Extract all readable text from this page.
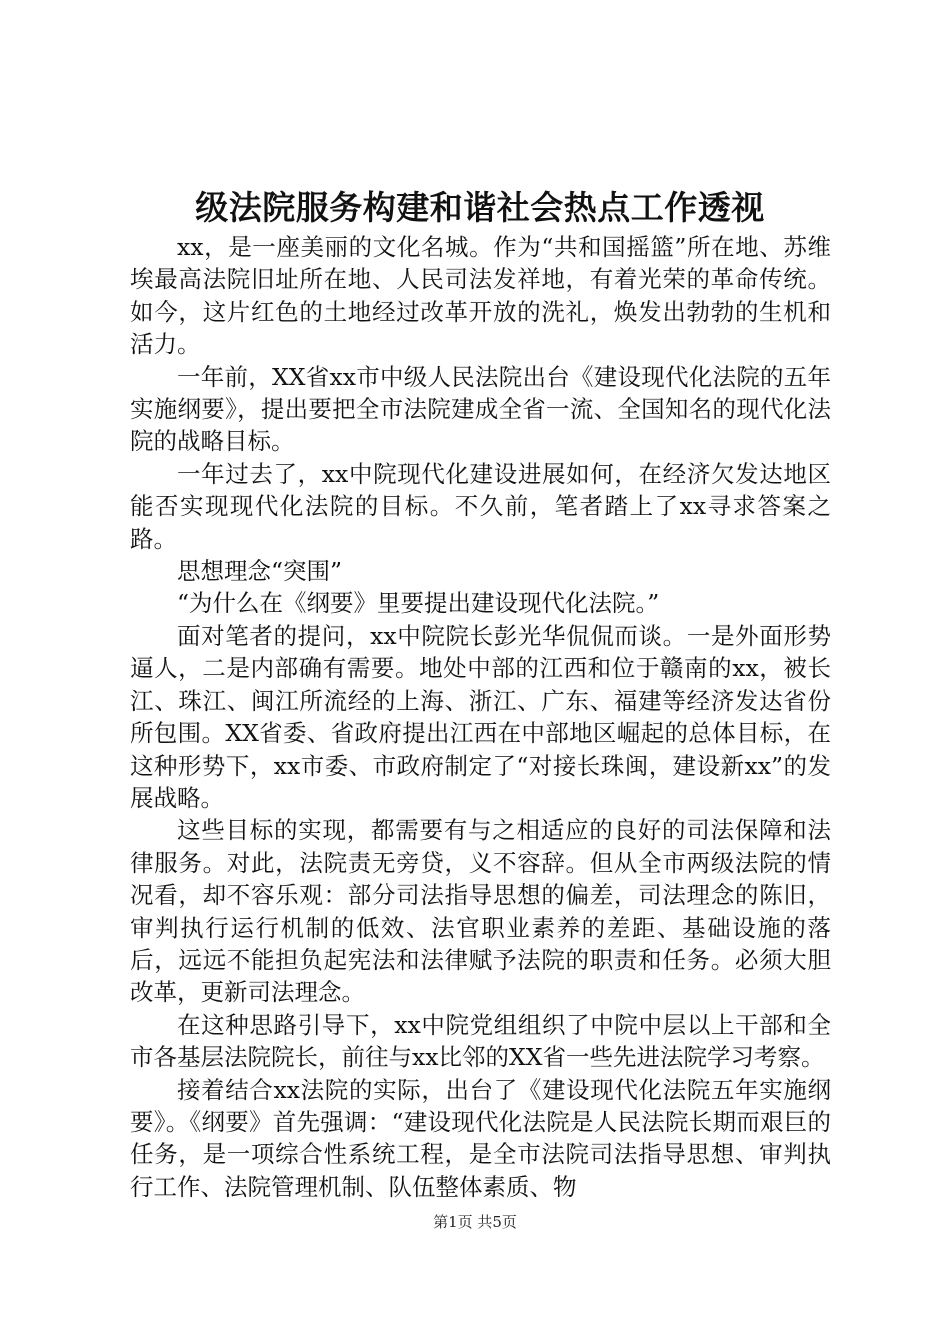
级法院服务构建和谐社会热点工作透视

xx，是一座美丽的文化名城。作为“共和国摇篮”所在地、苏维埃最高法院旧址所在地、人民司法发祥地，有着光荣的革命传统。如今，这片红色的土地经过改革开放的洗礼，焕发出勃勃的生机和活力。

一年前，XX省xx市中级人民法院出台《建设现代化法院的五年实施纲要》，提出要把全市法院建成全省一流、全国知名的现代化法院的战略目标。

一年过去了，xx中院现代化建设进展如何，在经济欠发达地区能否实现现代化法院的目标。不久前，笔者踏上了xx寻求答案之路。

思想理念“突围”

“为什么在《纲要》里要提出建设现代化法院。”

面对笔者的提问，xx中院院长彭光华侃侃而谈。一是外面形势逼人，二是内部确有需要。地处中部的江西和位于赣南的xx，被长江、珠江、闽江所流经的上海、浙江、广东、福建等经济发达省份所包围。XX省委、省政府提出江西在中部地区崛起的总体目标，在这种形势下，xx市委、市政府制定了“对接长珠闽，建设新xx”的发展战略。

这些目标的实现，都需要有与之相适应的良好的司法保障和法律服务。对此，法院责无旁贷，义不容辞。但从全市两级法院的情况看，却不容乐观：部分司法指导思想的偏差，司法理念的陈旧，审判执行运行机制的低效、法官职业素养的差距、基础设施的落后，远远不能担负起宪法和法律赋予法院的职责和任务。必须大胆改革，更新司法理念。

在这种思路引导下，xx中院党组组织了中院中层以上干部和全市各基层法院院长，前往与xx比邻的XX省一些先进法院学习考察。

接着结合xx法院的实际，出台了《建设现代化法院五年实施纲要》。《纲要》首先强调：“建设现代化法院是人民法院长期而艰巨的任务，是一项综合性系统工程，是全市法院司法指导思想、审判执行工作、法院管理机制、队伍整体素质、物

第1页 共5页
